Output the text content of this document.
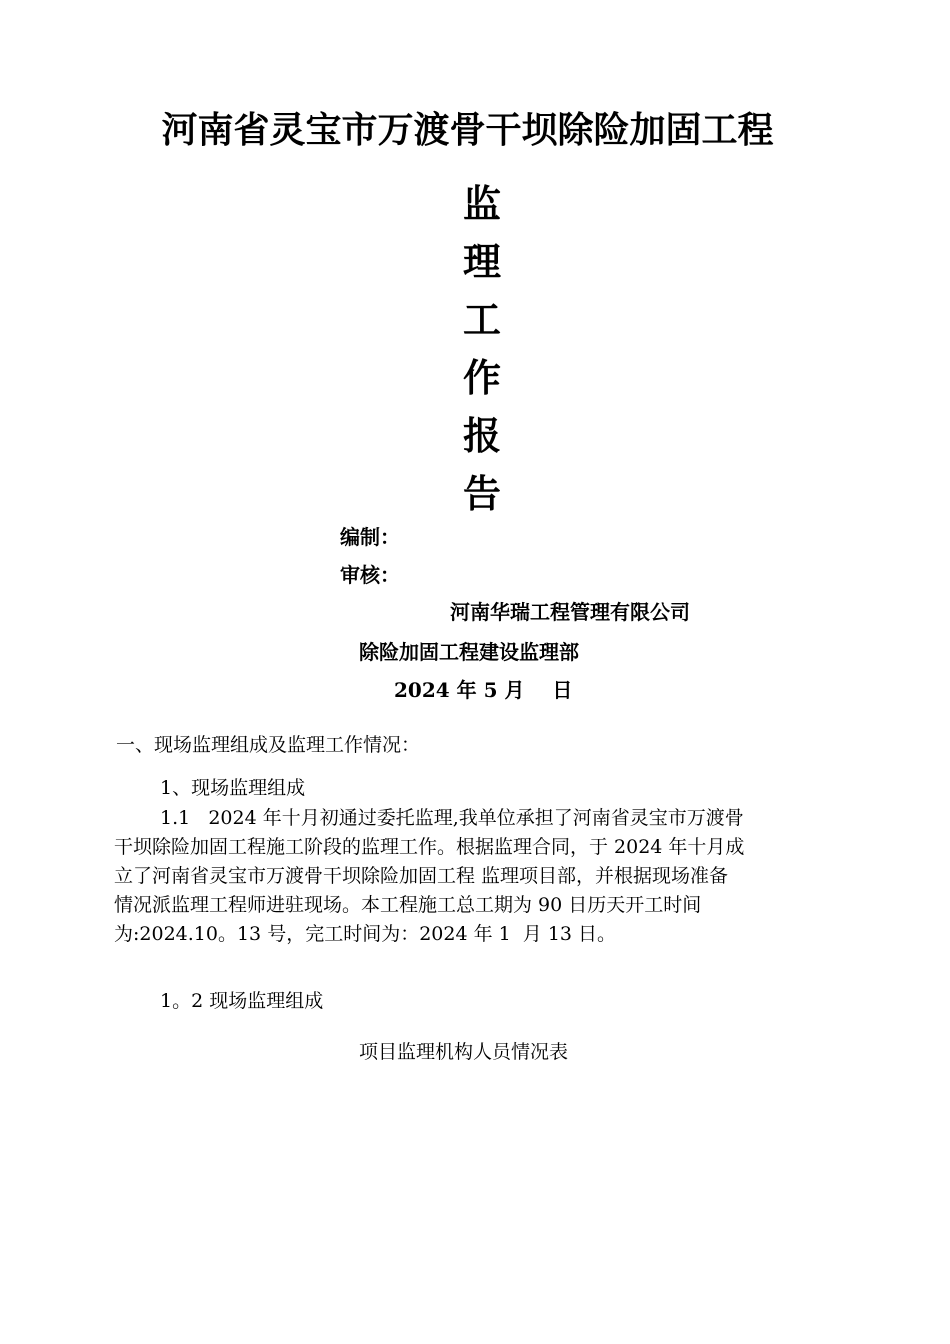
河南省灵宝市万渡骨干坝除险加固工程
监
理
工
作
报
告
编制：
审核：
河南华瑞工程管理有限公司
除险加固工程建设监理部
2024 年 5 月    日
一、现场监理组成及监理工作情况：
1、现场监理组成
1.1   2024 年十月初通过委托监理,我单位承担了河南省灵宝市万渡骨
干坝除险加固工程施工阶段的监理工作。根据监理合同，于 2024 年十月成
立了河南省灵宝市万渡骨干坝除险加固工程 监理项目部，并根据现场准备
情况派监理工程师进驻现场。本工程施工总工期为 90 日历天开工时间
为:2024.10。13 号，完工时间为：2024 年 1  月 13 日。
1。2 现场监理组成
项目监理机构人员情况表
